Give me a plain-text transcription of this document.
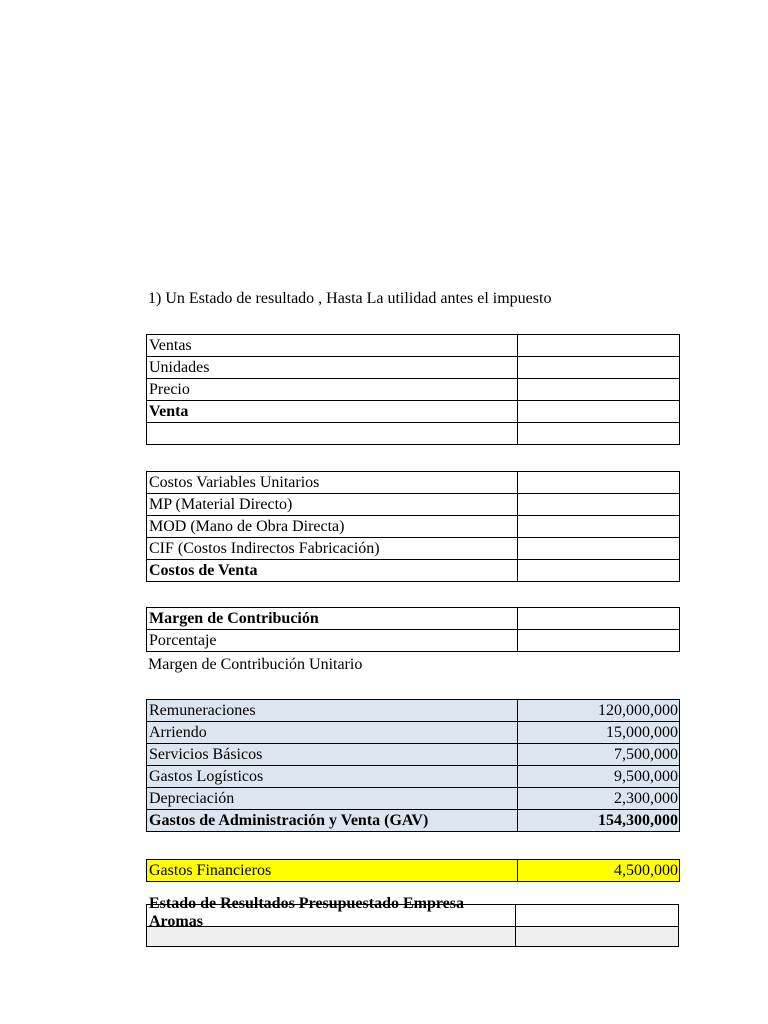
1) Un Estado de resultado , Hasta La utilidad antes el impuesto
Ventas	
Unidades	
Precio	
Venta	

Costos Variables Unitarios	
MP (Material Directo)	
MOD (Mano de Obra Directa)	
CIF (Costos Indirectos Fabricación)	
Costos de Venta	
Margen de Contribución	
Porcentaje	
Margen de Contribución Unitario
Remuneraciones	120,000,000
Arriendo	15,000,000
Servicios Básicos	7,500,000
Gastos Logísticos	9,500,000
Depreciación	2,300,000
Gastos de Administración y Venta (GAV)	154,300,000
Gastos Financieros	4,500,000
Estado de Resultados Presupuestado Empresa Aromas	
